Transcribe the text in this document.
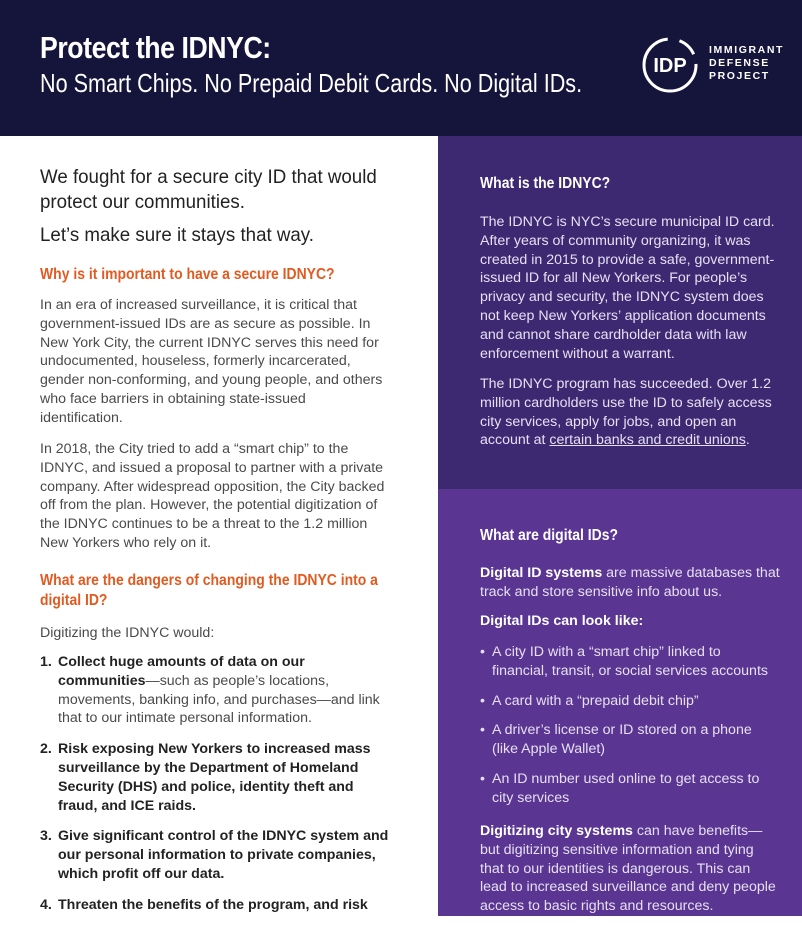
Protect the IDNYC:
No Smart Chips. No Prepaid Debit Cards. No Digital IDs.
IDP
IMMIGRANT
DEFENSE
PROJECT

We fought for a secure city ID that would protect our communities.

Let’s make sure it stays that way.

Why is it important to have a secure IDNYC?
In an era of increased surveillance, it is critical that government-issued IDs are as secure as possible. In New York City, the current IDNYC serves this need for undocumented, houseless, formerly incarcerated, gender non-conforming, and young people, and others who face barriers in obtaining state-issued identification.
In 2018, the City tried to add a “smart chip” to the IDNYC, and issued a proposal to partner with a private company. After widespread opposition, the City backed off from the plan. However, the potential digitization of the IDNYC continues to be a threat to the 1.2 million New Yorkers who rely on it.
What are the dangers of changing the IDNYC into a digital ID?
Digitizing the IDNYC would:
1. Collect huge amounts of data on our communities—such as people’s locations, movements, banking info, and purchases—and link that to our intimate personal information.
2. Risk exposing New Yorkers to increased mass surveillance by the Department of Homeland Security (DHS) and police, identity theft and fraud, and ICE raids.
3. Give significant control of the IDNYC system and our personal information to private companies, which profit off our data.
4. Threaten the benefits of the program, and risk
What is the IDNYC?
The IDNYC is NYC’s secure municipal ID card. After years of community organizing, it was created in 2015 to provide a safe, government-issued ID for all New Yorkers. For people’s privacy and security, the IDNYC system does not keep New Yorkers’ application documents and cannot share cardholder data with law enforcement without a warrant.
The IDNYC program has succeeded. Over 1.2 million cardholders use the ID to safely access city services, apply for jobs, and open an account at certain banks and credit unions.
What are digital IDs?
Digital ID systems are massive databases that track and store sensitive info about us.
Digital IDs can look like:
• A city ID with a “smart chip” linked to financial, transit, or social services accounts
• A card with a “prepaid debit chip”
• A driver’s license or ID stored on a phone (like Apple Wallet)
• An ID number used online to get access to city services
Digitizing city systems can have benefits—but digitizing sensitive information and tying that to our identities is dangerous. This can lead to increased surveillance and deny people access to basic rights and resources.
